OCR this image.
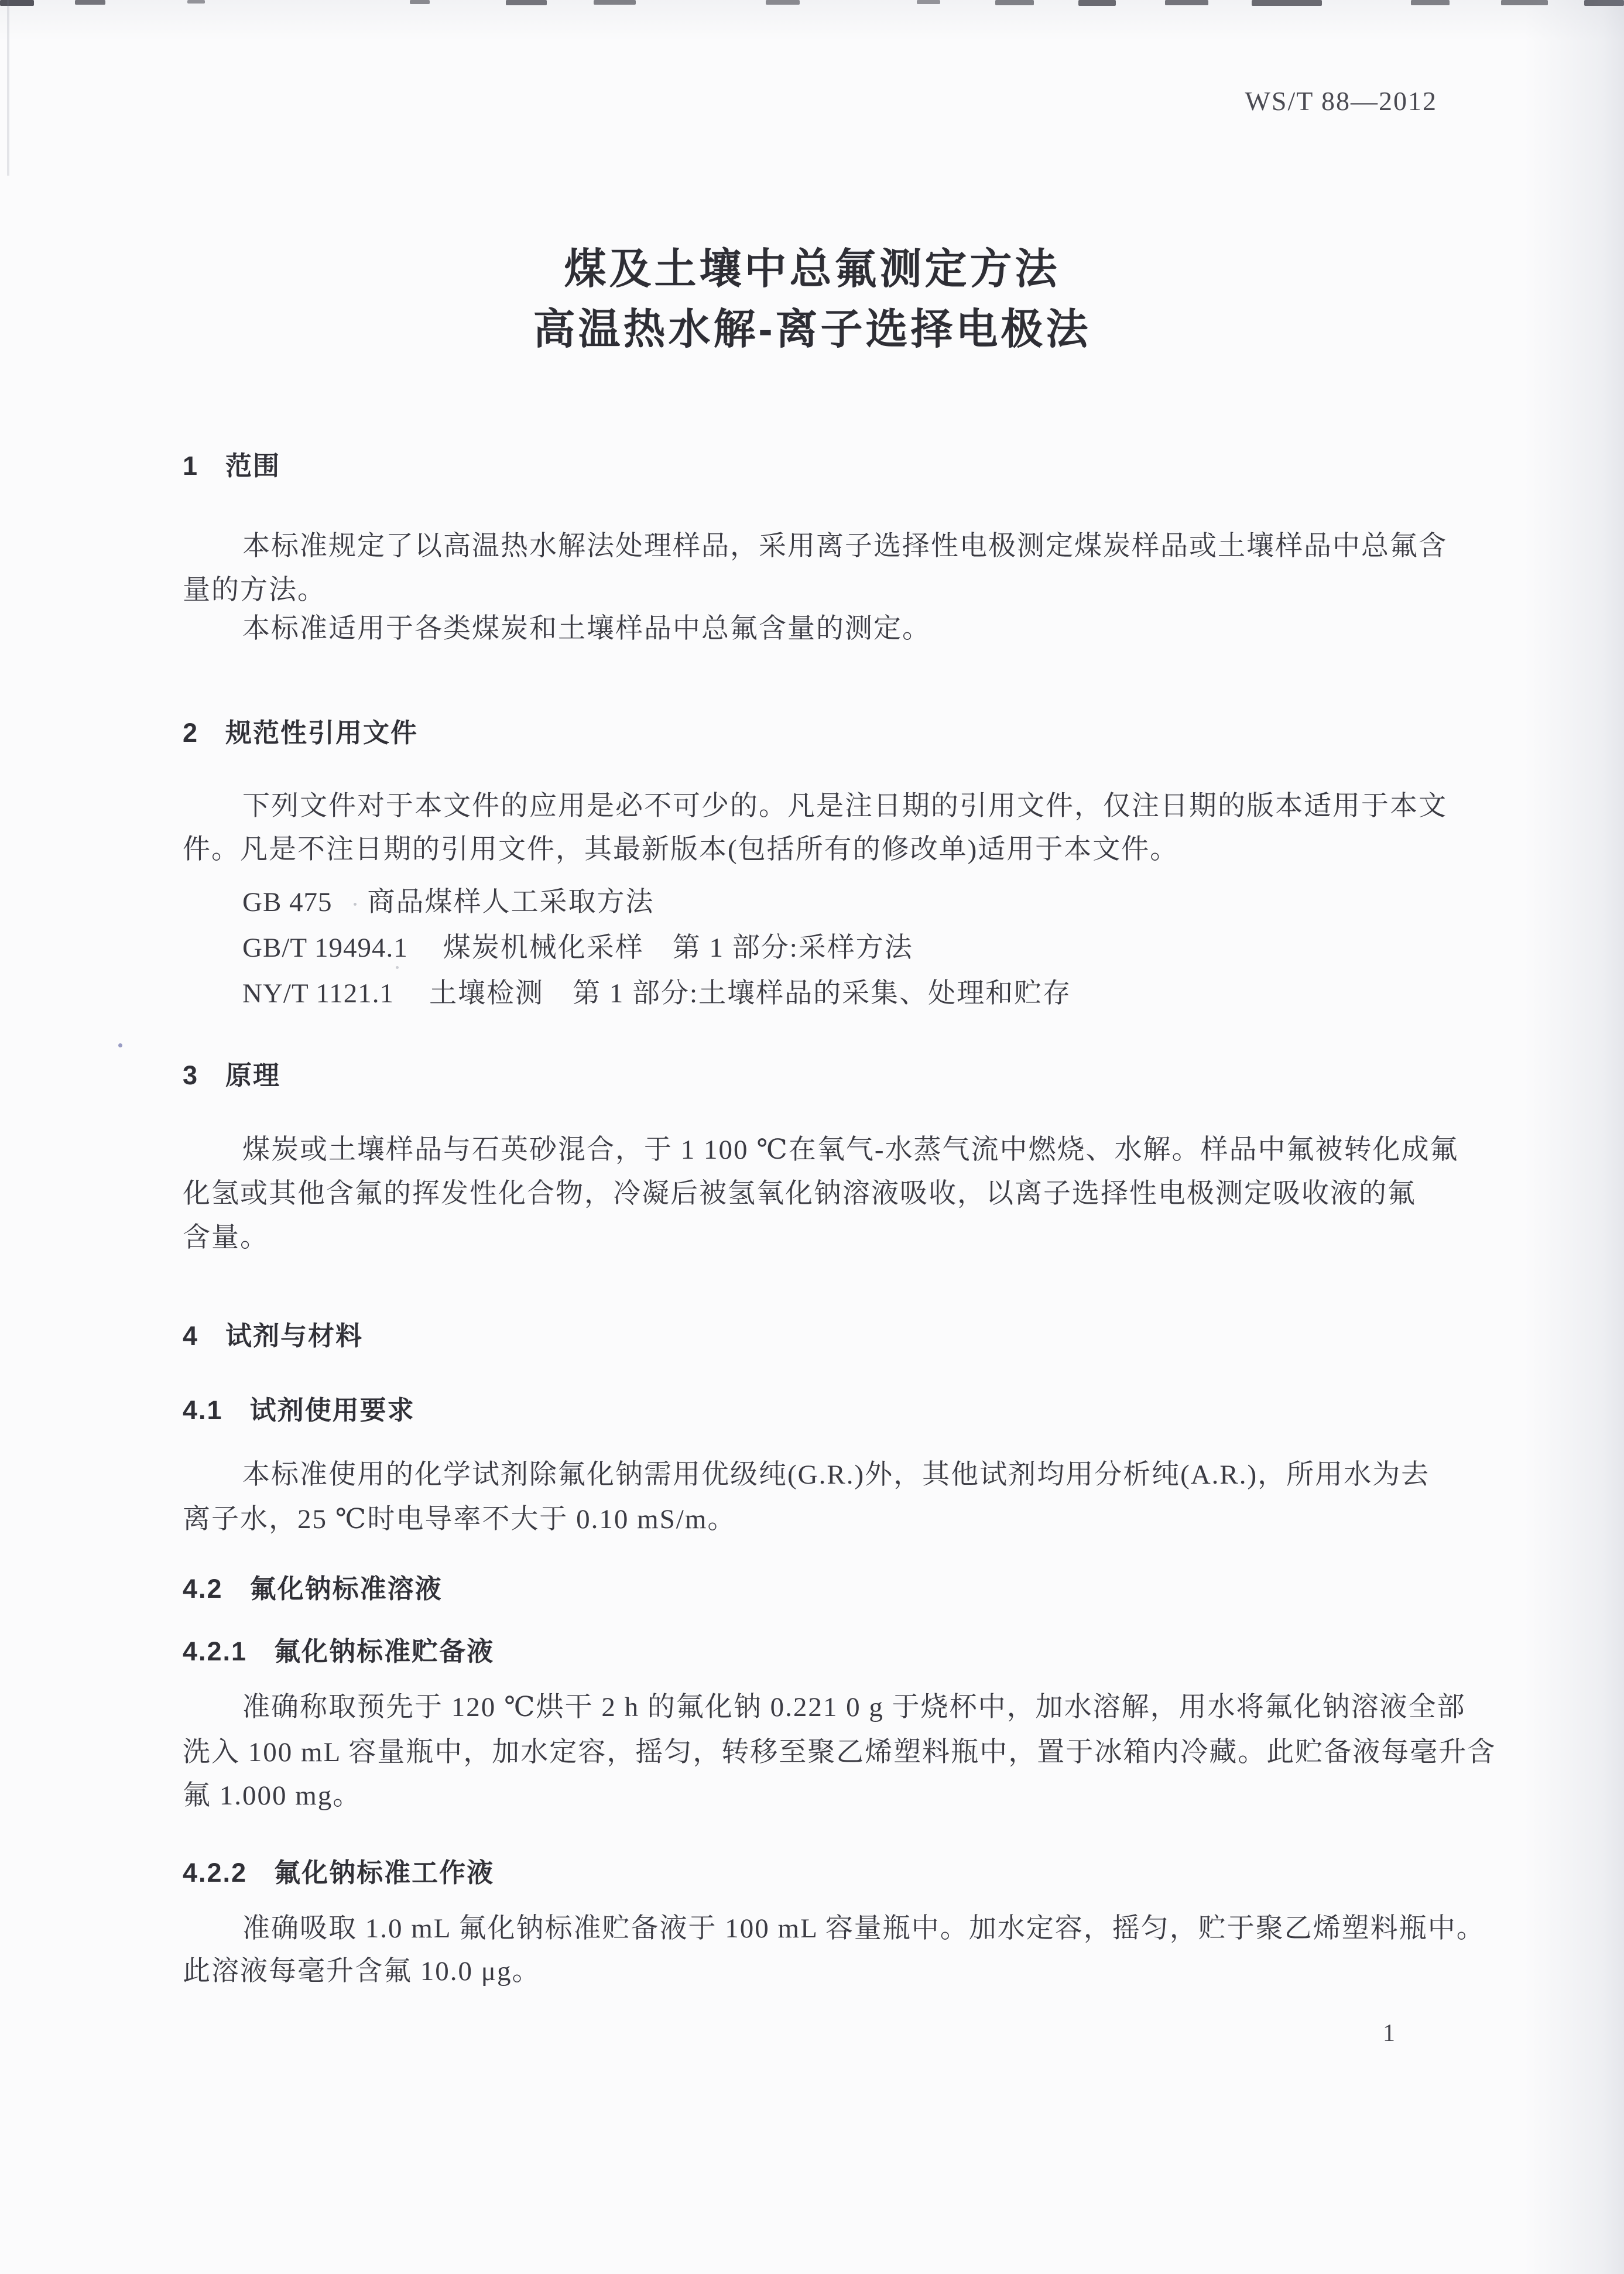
WS/T 88—2012
煤及土壤中总氟测定方法
高温热水解-离子选择电极法
1 范围
本标准规定了以高温热水解法处理样品，采用离子选择性电极测定煤炭样品或土壤样品中总氟含
量的方法。
本标准适用于各类煤炭和土壤样品中总氟含量的测定。
2 规范性引用文件
下列文件对于本文件的应用是必不可少的。凡是注日期的引用文件，仅注日期的版本适用于本文
件。凡是不注日期的引用文件，其最新版本(包括所有的修改单)适用于本文件。
GB 475 商品煤样人工采取方法
GB/T 19494.1 煤炭机械化采样　第 1 部分:采样方法
NY/T 1121.1 土壤检测　第 1 部分:土壤样品的采集、处理和贮存
3 原理
煤炭或土壤样品与石英砂混合，于 1 100 ℃在氧气-水蒸气流中燃烧、水解。样品中氟被转化成氟
化氢或其他含氟的挥发性化合物，冷凝后被氢氧化钠溶液吸收，以离子选择性电极测定吸收液的氟
含量。
4 试剂与材料
4.1 试剂使用要求
本标准使用的化学试剂除氟化钠需用优级纯(G.R.)外，其他试剂均用分析纯(A.R.)，所用水为去
离子水，25 ℃时电导率不大于 0.10 mS/m。
4.2 氟化钠标准溶液
4.2.1 氟化钠标准贮备液
准确称取预先于 120 ℃烘干 2 h 的氟化钠 0.221 0 g 于烧杯中，加水溶解，用水将氟化钠溶液全部
洗入 100 mL 容量瓶中，加水定容，摇匀，转移至聚乙烯塑料瓶中，置于冰箱内冷藏。此贮备液每毫升含
氟 1.000 mg。
4.2.2 氟化钠标准工作液
准确吸取 1.0 mL 氟化钠标准贮备液于 100 mL 容量瓶中。加水定容，摇匀，贮于聚乙烯塑料瓶中。
此溶液每毫升含氟 10.0 μg。
1
